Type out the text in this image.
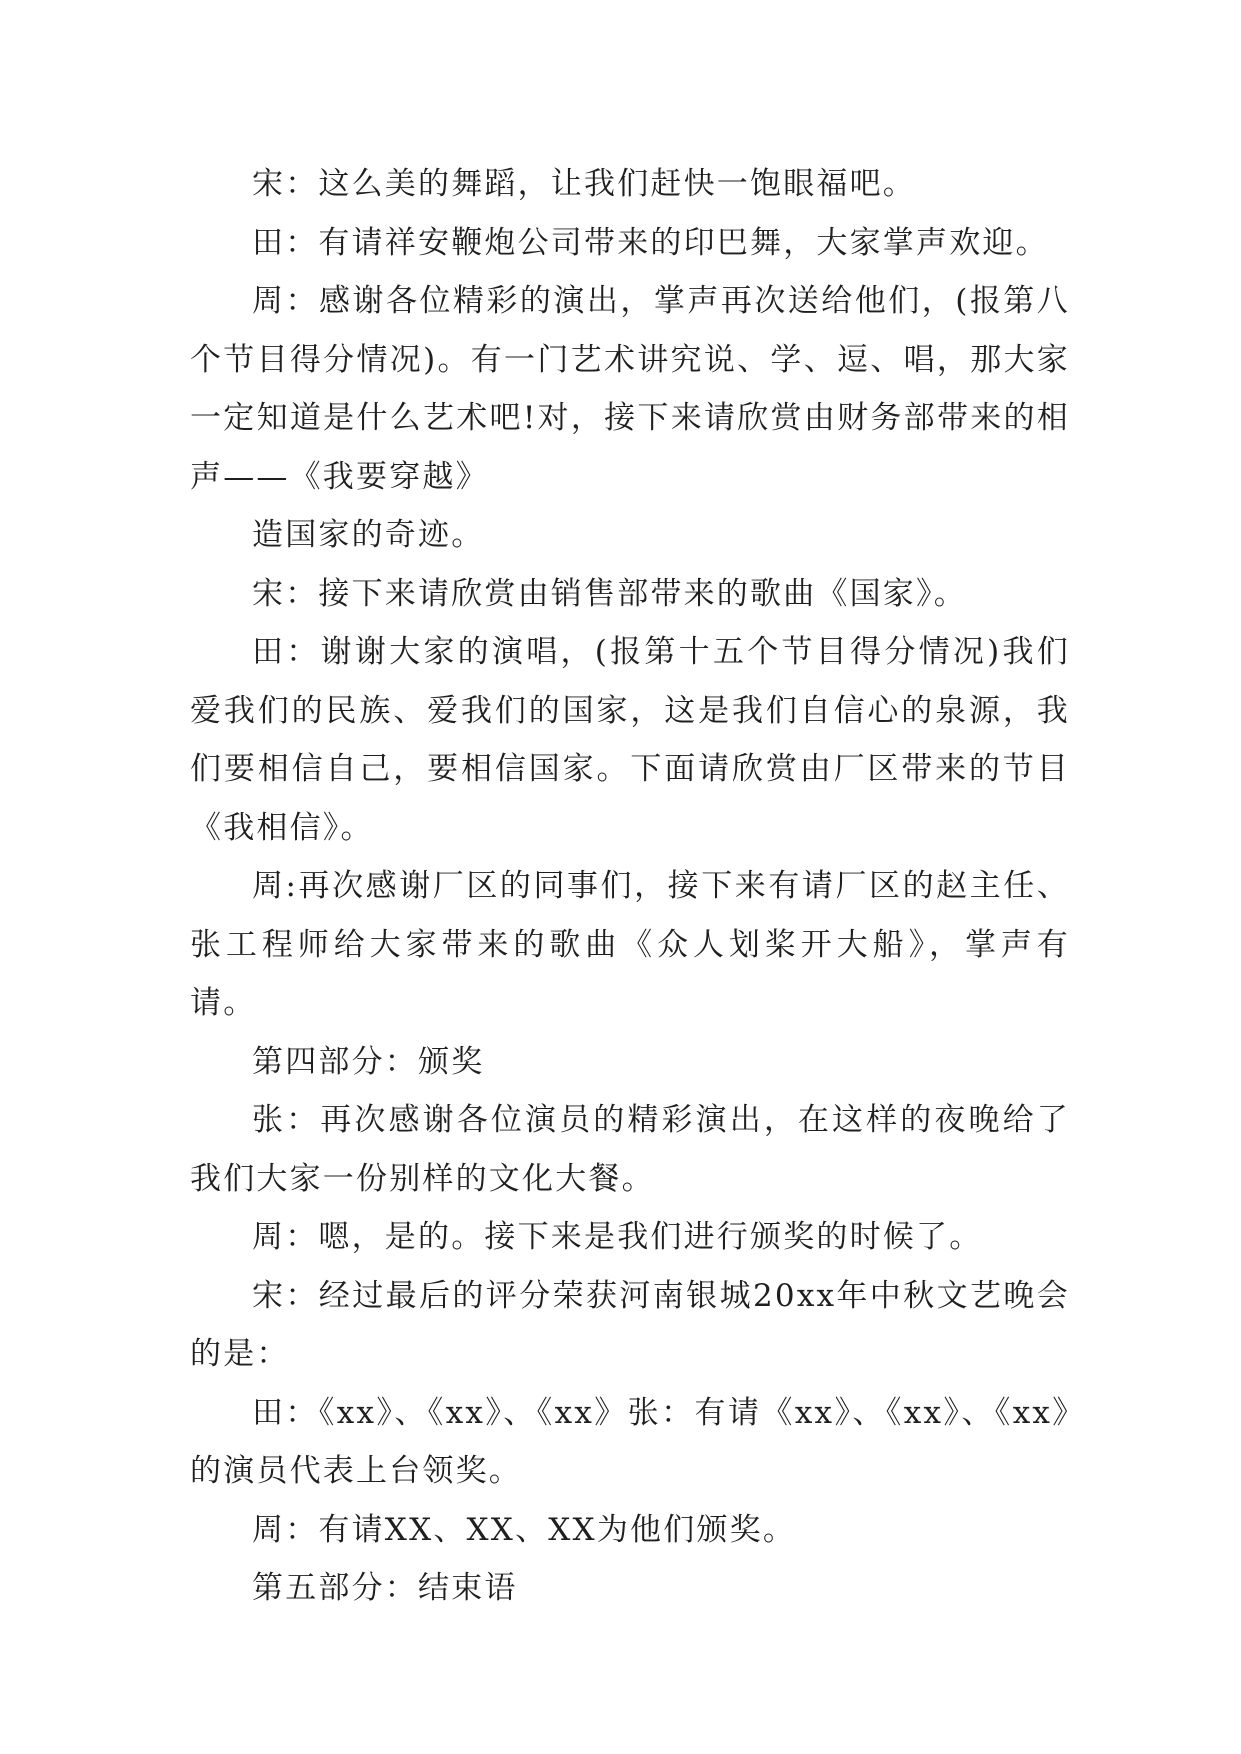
宋：这么美的舞蹈，让我们赶快一饱眼福吧。

田：有请祥安鞭炮公司带来的印巴舞，大家掌声欢迎。

周：感谢各位精彩的演出，掌声再次送给他们，(报第八个节目得分情况)。有一门艺术讲究说、学、逗、唱，那大家一定知道是什么艺术吧!对，接下来请欣赏由财务部带来的相声——《我要穿越》

造国家的奇迹。

宋：接下来请欣赏由销售部带来的歌曲《国家》。

田：谢谢大家的演唱，(报第十五个节目得分情况)我们爱我们的民族、爱我们的国家，这是我们自信心的泉源，我们要相信自己，要相信国家。下面请欣赏由厂区带来的节目《我相信》。

周:再次感谢厂区的同事们，接下来有请厂区的赵主任、张工程师给大家带来的歌曲《众人划桨开大船》，掌声有请。

第四部分：颁奖

张：再次感谢各位演员的精彩演出，在这样的夜晚给了我们大家一份别样的文化大餐。

周：嗯，是的。接下来是我们进行颁奖的时候了。

宋：经过最后的评分荣获河南银城20xx年中秋文艺晚会的是：

田：《xx》、《xx》、《xx》张：有请《xx》、《xx》、《xx》的演员代表上台领奖。

周：有请XX、XX、XX为他们颁奖。

第五部分：结束语
